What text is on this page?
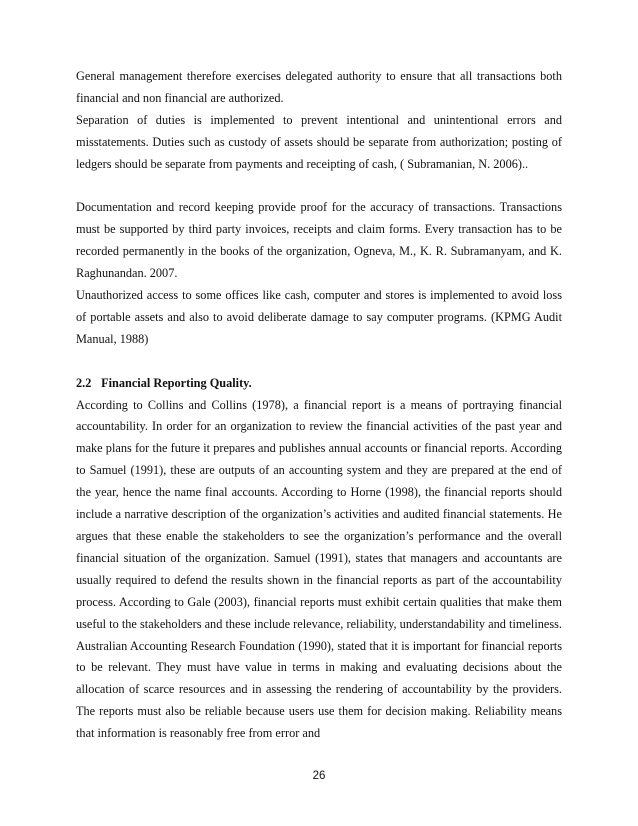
General management therefore exercises delegated authority to ensure that all transactions both financial and non financial are authorized.

Separation of duties is implemented to prevent intentional and unintentional errors and misstatements. Duties such as custody of assets should be separate from authorization; posting of ledgers should be separate from payments and receipting of cash, ( Subramanian, N. 2006)..

Documentation and record keeping provide proof for the accuracy of transactions. Transactions must be supported by third party invoices, receipts and claim forms. Every transaction has to be recorded permanently in the books of the organization, Ogneva, M., K. R. Subramanyam, and K. Raghunandan. 2007.

Unauthorized access to some offices like cash, computer and stores is implemented to avoid loss of portable assets and also to avoid deliberate damage to say computer programs. (KPMG Audit Manual, 1988)

2.2 Financial Reporting Quality.

According to Collins and Collins (1978), a financial report is a means of portraying financial accountability. In order for an organization to review the financial activities of the past year and make plans for the future it prepares and publishes annual accounts or financial reports. According to Samuel (1991), these are outputs of an accounting system and they are prepared at the end of the year, hence the name final accounts. According to Horne (1998), the financial reports should include a narrative description of the organization’s activities and audited financial statements. He argues that these enable the stakeholders to see the organization’s performance and the overall financial situation of the organization. Samuel (1991), states that managers and accountants are usually required to defend the results shown in the financial reports as part of the accountability process. According to Gale (2003), financial reports must exhibit certain qualities that make them useful to the stakeholders and these include relevance, reliability, understandability and timeliness. Australian Accounting Research Foundation (1990), stated that it is important for financial reports to be relevant. They must have value in terms in making and evaluating decisions about the allocation of scarce resources and in assessing the rendering of accountability by the providers. The reports must also be reliable because users use them for decision making. Reliability means that information is reasonably free from error and

26
